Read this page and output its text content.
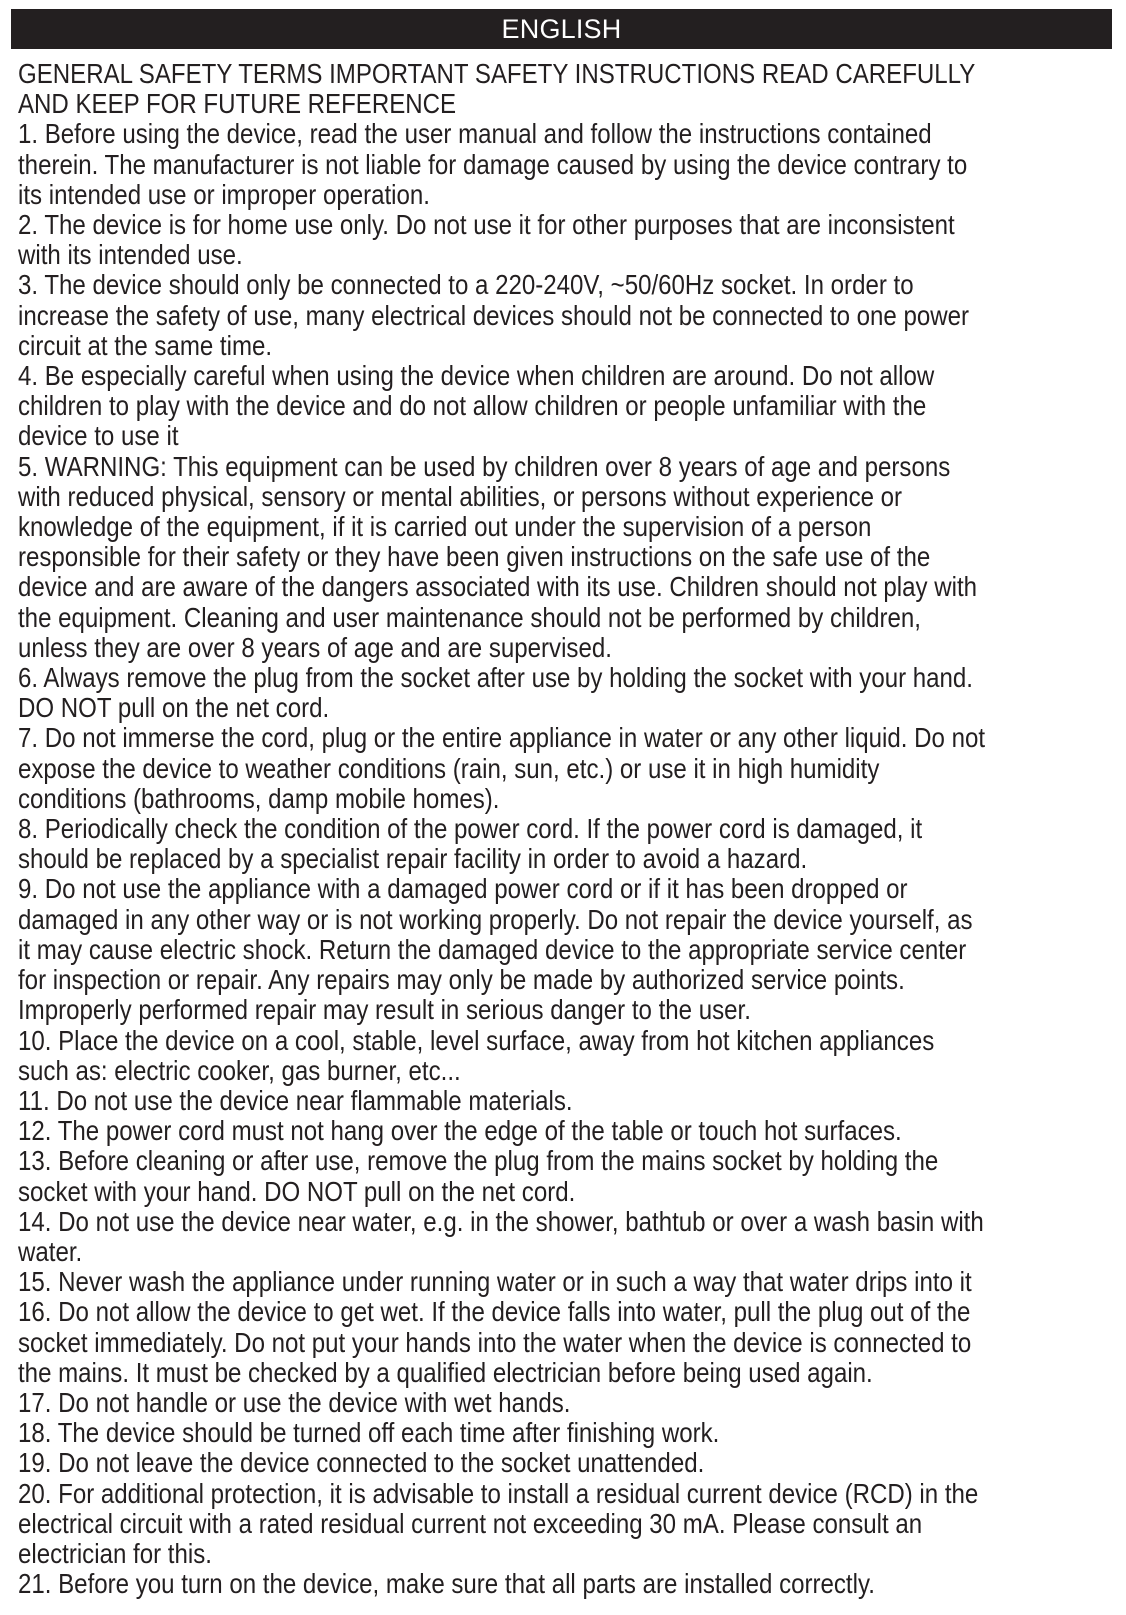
ENGLISH

GENERAL SAFETY TERMS IMPORTANT SAFETY INSTRUCTIONS READ CAREFULLY AND KEEP FOR FUTURE REFERENCE

1. Before using the device, read the user manual and follow the instructions contained therein. The manufacturer is not liable for damage caused by using the device contrary to its intended use or improper operation.

2. The device is for home use only. Do not use it for other purposes that are inconsistent with its intended use.

3. The device should only be connected to a 220-240V, ~50/60Hz socket. In order to increase the safety of use, many electrical devices should not be connected to one power circuit at the same time.

4. Be especially careful when using the device when children are around. Do not allow children to play with the device and do not allow children or people unfamiliar with the device to use it

5. WARNING: This equipment can be used by children over 8 years of age and persons with reduced physical, sensory or mental abilities, or persons without experience or knowledge of the equipment, if it is carried out under the supervision of a person responsible for their safety or they have been given instructions on the safe use of the device and are aware of the dangers associated with its use. Children should not play with the equipment. Cleaning and user maintenance should not be performed by children, unless they are over 8 years of age and are supervised.

6. Always remove the plug from the socket after use by holding the socket with your hand. DO NOT pull on the net cord.

7. Do not immerse the cord, plug or the entire appliance in water or any other liquid. Do not expose the device to weather conditions (rain, sun, etc.) or use it in high humidity conditions (bathrooms, damp mobile homes).

8. Periodically check the condition of the power cord. If the power cord is damaged, it should be replaced by a specialist repair facility in order to avoid a hazard.

9. Do not use the appliance with a damaged power cord or if it has been dropped or damaged in any other way or is not working properly. Do not repair the device yourself, as it may cause electric shock. Return the damaged device to the appropriate service center for inspection or repair. Any repairs may only be made by authorized service points. Improperly performed repair may result in serious danger to the user.

10. Place the device on a cool, stable, level surface, away from hot kitchen appliances such as: electric cooker, gas burner, etc...

11. Do not use the device near flammable materials.

12. The power cord must not hang over the edge of the table or touch hot surfaces.

13. Before cleaning or after use, remove the plug from the mains socket by holding the socket with your hand. DO NOT pull on the net cord.

14. Do not use the device near water, e.g. in the shower, bathtub or over a wash basin with water.

15. Never wash the appliance under running water or in such a way that water drips into it

16. Do not allow the device to get wet. If the device falls into water, pull the plug out of the socket immediately. Do not put your hands into the water when the device is connected to the mains. It must be checked by a qualified electrician before being used again.

17. Do not handle or use the device with wet hands.

18. The device should be turned off each time after finishing work.

19. Do not leave the device connected to the socket unattended.

20. For additional protection, it is advisable to install a residual current device (RCD) in the electrical circuit with a rated residual current not exceeding 30 mA. Please consult an electrician for this.

21. Before you turn on the device, make sure that all parts are installed correctly.
